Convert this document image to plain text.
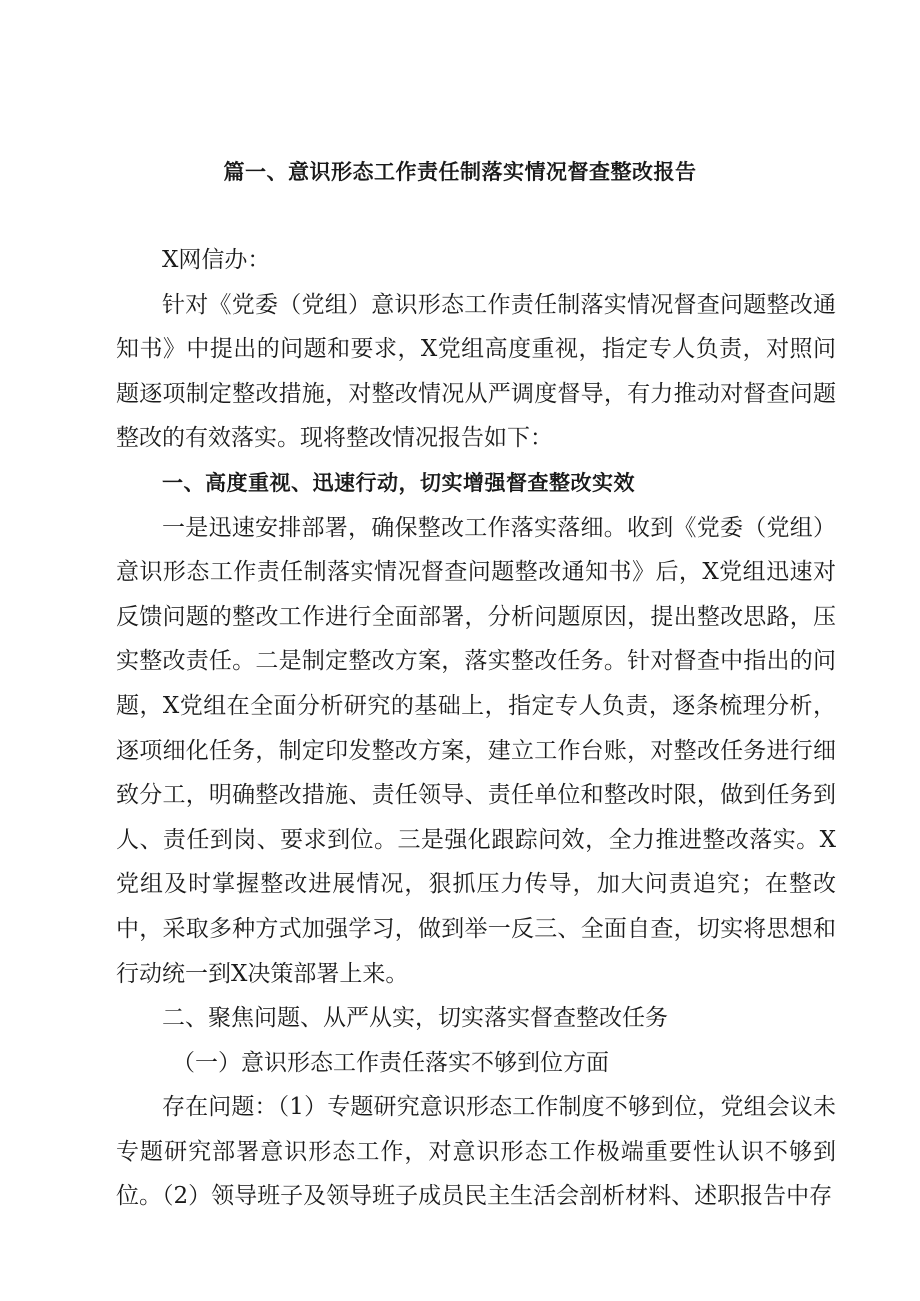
篇一、意识形态工作责任制落实情况督查整改报告

X网信办：

针对《党委（党组）意识形态工作责任制落实情况督查问题整改通知书》中提出的问题和要求，X党组高度重视，指定专人负责，对照问题逐项制定整改措施，对整改情况从严调度督导，有力推动对督查问题整改的有效落实。现将整改情况报告如下：

一、高度重视、迅速行动，切实增强督查整改实效

一是迅速安排部署，确保整改工作落实落细。收到《党委（党组）意识形态工作责任制落实情况督查问题整改通知书》后，X党组迅速对反馈问题的整改工作进行全面部署，分析问题原因，提出整改思路，压实整改责任。二是制定整改方案，落实整改任务。针对督查中指出的问题，X党组在全面分析研究的基础上，指定专人负责，逐条梳理分析，逐项细化任务，制定印发整改方案，建立工作台账，对整改任务进行细致分工，明确整改措施、责任领导、责任单位和整改时限，做到任务到人、责任到岗、要求到位。三是强化跟踪问效，全力推进整改落实。X党组及时掌握整改进展情况，狠抓压力传导，加大问责追究；在整改中，采取多种方式加强学习，做到举一反三、全面自查，切实将思想和行动统一到X决策部署上来。

二、聚焦问题、从严从实，切实落实督查整改任务

（一）意识形态工作责任落实不够到位方面

存在问题：（1）专题研究意识形态工作制度不够到位，党组会议未专题研究部署意识形态工作，对意识形态工作极端重要性认识不够到位。（2）领导班子及领导班子成员民主生活会剖析材料、述职报告中存
